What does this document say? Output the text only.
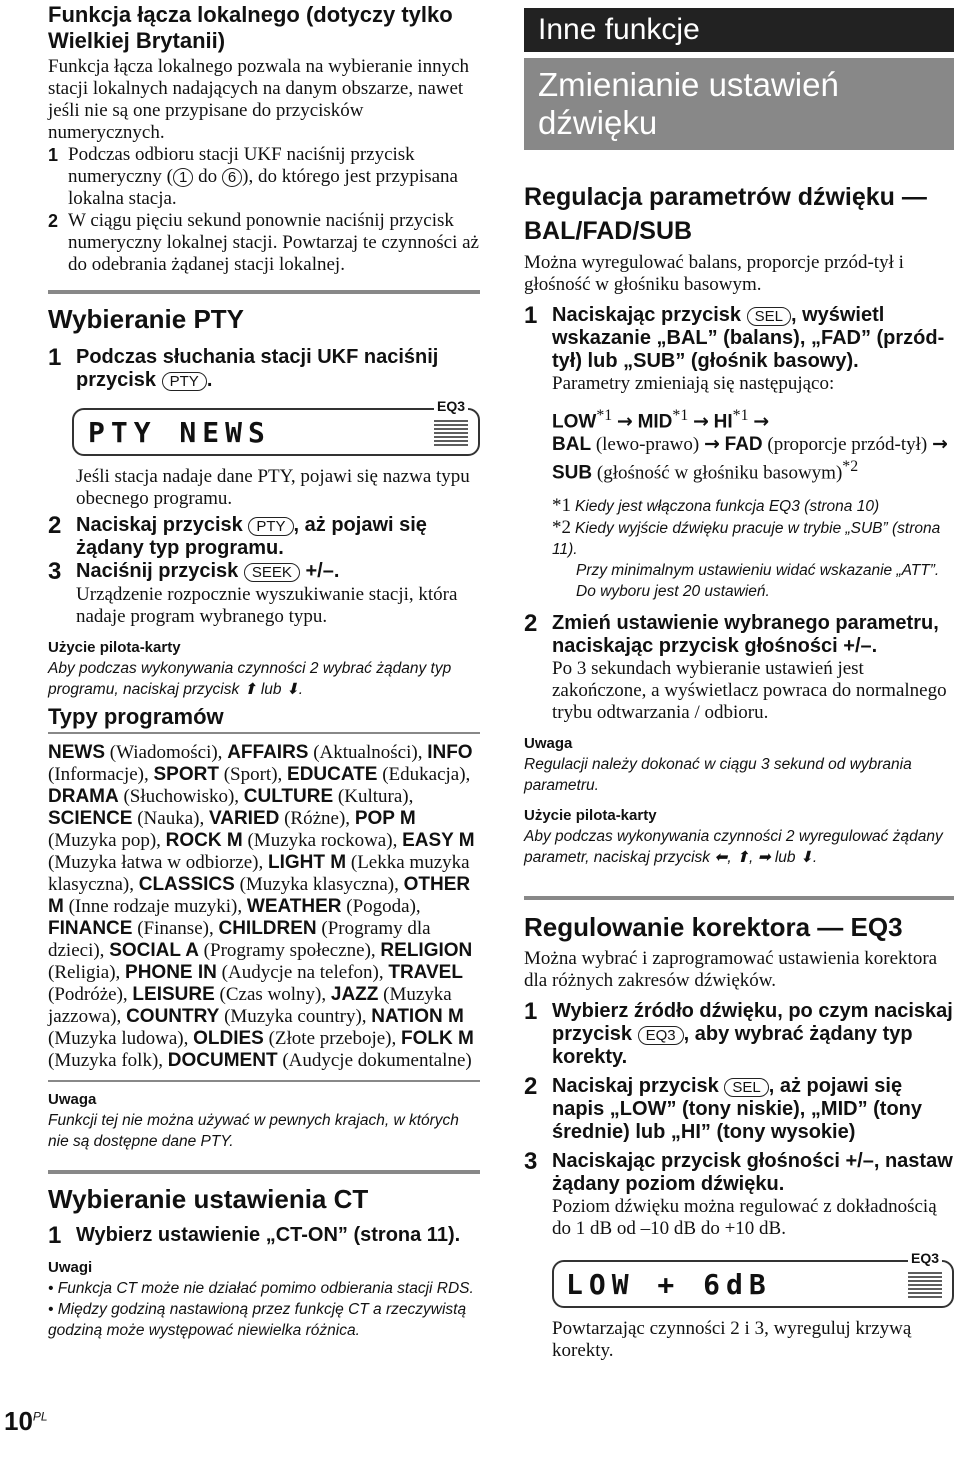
Funkcja łącza lokalnego (dotyczy tylko Wielkiej Brytanii)
Funkcja łącza lokalnego pozwala na wybieranie innych stacji lokalnych nadających na danym obszarze, nawet jeśli nie są one przypisane do przycisków numerycznych.
1 Podczas odbioru stacji UKF naciśnij przycisk numeryczny ( 1 do 6 ), do którego jest przypisana lokalna stacja.
2 W ciągu pięciu sekund ponownie naciśnij przycisk numeryczny lokalnej stacji. Powtarzaj te czynności aż do odebrania żądanej stacji lokalnej.
Wybieranie PTY
1 Podczas słuchania stacji UKF naciśnij przycisk PTY .
PTY NEWS
EQ3
Jeśli stacja nadaje dane PTY, pojawi się nazwa typu obecnego programu.
2 Naciskaj przycisk PTY , aż pojawi się żądany typ programu.
3 Naciśnij przycisk SEEK +/–.
Urządzenie rozpocznie wyszukiwanie stacji, która nadaje program wybranego typu.
Użycie pilota-karty
Aby podczas wykonywania czynności 2 wybrać żądany typ programu, naciskaj przycisk ⬆ lub ⬇.
Typy programów
NEWS (Wiadomości), AFFAIRS (Aktualności), INFO (Informacje), SPORT (Sport), EDUCATE (Edukacja), DRAMA (Słuchowisko), CULTURE (Kultura), SCIENCE (Nauka), VARIED (Różne), POP M (Muzyka pop), ROCK M (Muzyka rockowa), EASY M (Muzyka łatwa w odbiorze), LIGHT M (Lekka muzyka klasyczna), CLASSICS (Muzyka klasyczna), OTHER M (Inne rodzaje muzyki), WEATHER (Pogoda), FINANCE (Finanse), CHILDREN (Programy dla dzieci), SOCIAL A (Programy społeczne), RELIGION (Religia), PHONE IN (Audycje na telefon), TRAVEL (Podróże), LEISURE (Czas wolny), JAZZ (Muzyka jazzowa), COUNTRY (Muzyka country), NATION M (Muzyka ludowa), OLDIES (Złote przeboje), FOLK M (Muzyka folk), DOCUMENT (Audycje dokumentalne)
Uwaga
Funkcji tej nie można używać w pewnych krajach, w których nie są dostępne dane PTY.
Wybieranie ustawienia CT
1 Wybierz ustawienie „CT-ON” (strona 11).
Uwagi
• Funkcja CT może nie działać pomimo odbierania stacji RDS.
• Między godziną nastawioną przez funkcję CT a rzeczywistą godziną może występować niewielka różnica.
Inne funkcje
Zmienianie ustawień dźwięku
Regulacja parametrów dźwięku — BAL/FAD/SUB
Można wyregulować balans, proporcje przód-tył i głośność w głośniku basowym.
1 Naciskając przycisk SEL , wyświetl wskazanie „BAL” (balans), „FAD” (przód-tył) lub „SUB” (głośnik basowy).
Parametry zmieniają się następująco:
$LOW^{*1} \to MID^{*1} \to HI^{*1}$ →
BAL (lewo-prawo) → FAD (proporcje przód-tył) → SUB (głośność w głośniku basowym)$^{*2}$
*1 Kiedy jest włączona funkcja EQ3 (strona 10)
*2 Kiedy wyjście dźwięku pracuje w trybie „SUB” (strona 11).
Przy minimalnym ustawieniu widać wskazanie „ATT”. Do wyboru jest 20 ustawień.
2 Zmień ustawienie wybranego parametru, naciskając przycisk głośności +/–.
Po 3 sekundach wybieranie ustawień jest zakończone, a wyświetlacz powraca do normalnego trybu odtwarzania / odbioru.
Uwaga
Regulacji należy dokonać w ciągu 3 sekund od wybrania parametru.
Użycie pilota-karty
Aby podczas wykonywania czynności 2 wyregulować żądany parametr, naciskaj przycisk ⬅, ⬆, ➡ lub ⬇.
Regulowanie korektora — EQ3
Można wybrać i zaprogramować ustawienia korektora dla różnych zakresów dźwięków.
1 Wybierz źródło dźwięku, po czym naciskaj przycisk EQ3 , aby wybrać żądany typ korekty.
2 Naciskaj przycisk SEL , aż pojawi się napis „LOW” (tony niskie), „MID” (tony średnie) lub „HI” (tony wysokie)
3 Naciskając przycisk głośności +/–, nastaw żądany poziom dźwięku.
Poziom dźwięku można regulować z dokładnością do 1 dB od –10 dB do +10 dB.
LOW + 6dB
EQ3
Powtarzając czynności 2 i 3, wyreguluj krzywą korekty.
$10^{PL}$
